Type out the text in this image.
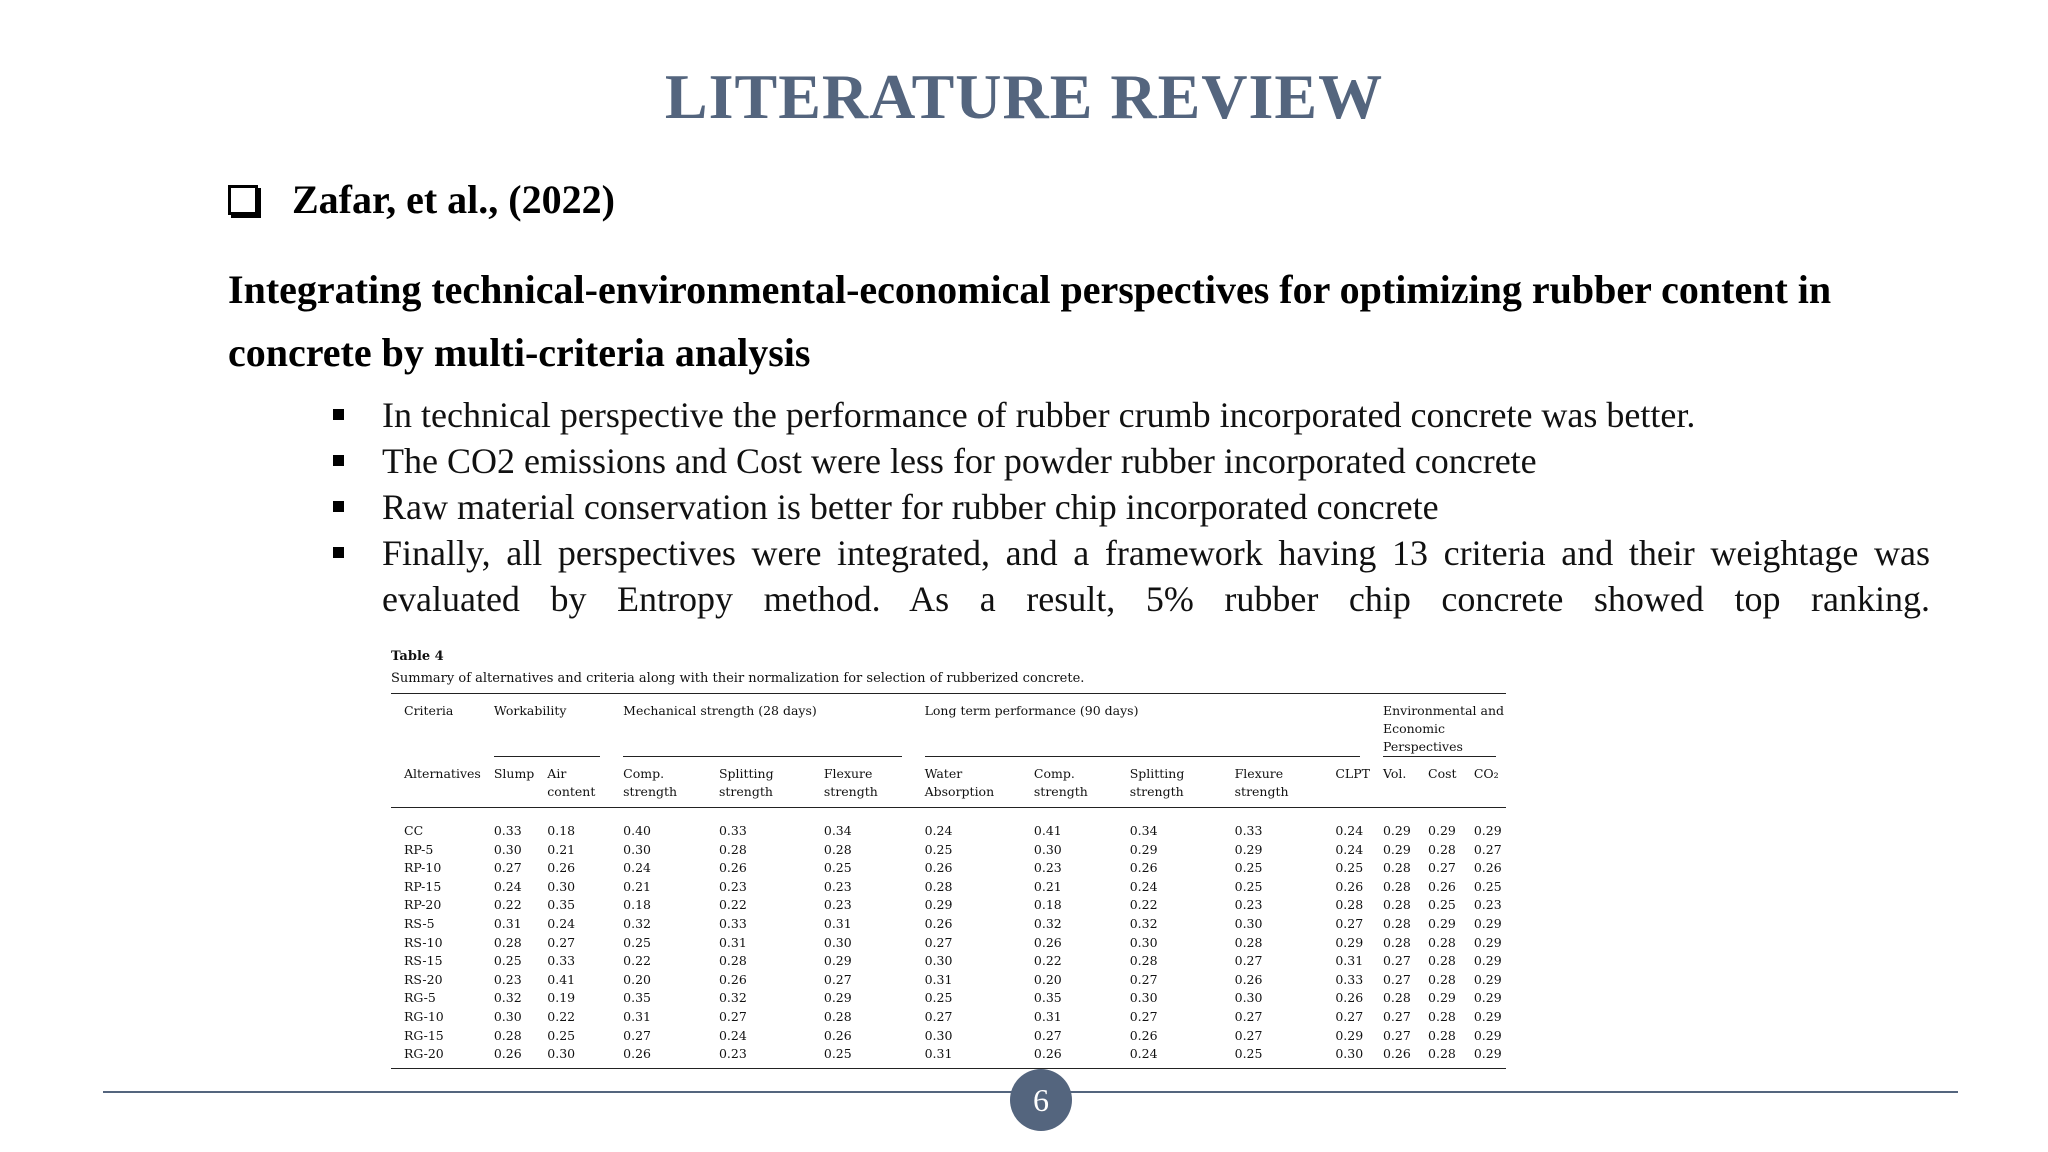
LITERATURE REVIEW
Zafar, et al., (2022)
Integrating technical-environmental-economical perspectives for optimizing rubber content in concrete by multi-criteria analysis
In technical perspective the performance of rubber crumb incorporated concrete was better.
The CO2 emissions and Cost were less for powder rubber incorporated concrete
Raw material conservation is better for rubber chip incorporated concrete
Finally, all perspectives were integrated, and a framework having 13 criteria and their weightage was evaluated by Entropy method. As a result, 5% rubber chip concrete showed top ranking.
Table 4
Summary of alternatives and criteria along with their normalization for selection of rubberized concrete.
Criteria	Workability		Mechanical strength (28 days)			Long term performance (90 days)					Environmental and Economic Perspectives		
Alternatives	Slump	Air content	Comp. strength	Splitting strength	Flexure strength	Water Absorption	Comp. strength	Splitting strength	Flexure strength	CLPT	Vol.	Cost	CO₂
CC	0.33	0.18	0.40	0.33	0.34	0.24	0.41	0.34	0.33	0.24	0.29	0.29	0.29
RP-5	0.30	0.21	0.30	0.28	0.28	0.25	0.30	0.29	0.29	0.24	0.29	0.28	0.27
RP-10	0.27	0.26	0.24	0.26	0.25	0.26	0.23	0.26	0.25	0.25	0.28	0.27	0.26
RP-15	0.24	0.30	0.21	0.23	0.23	0.28	0.21	0.24	0.25	0.26	0.28	0.26	0.25
RP-20	0.22	0.35	0.18	0.22	0.23	0.29	0.18	0.22	0.23	0.28	0.28	0.25	0.23
RS-5	0.31	0.24	0.32	0.33	0.31	0.26	0.32	0.32	0.30	0.27	0.28	0.29	0.29
RS-10	0.28	0.27	0.25	0.31	0.30	0.27	0.26	0.30	0.28	0.29	0.28	0.28	0.29
RS-15	0.25	0.33	0.22	0.28	0.29	0.30	0.22	0.28	0.27	0.31	0.27	0.28	0.29
RS-20	0.23	0.41	0.20	0.26	0.27	0.31	0.20	0.27	0.26	0.33	0.27	0.28	0.29
RG-5	0.32	0.19	0.35	0.32	0.29	0.25	0.35	0.30	0.30	0.26	0.28	0.29	0.29
RG-10	0.30	0.22	0.31	0.27	0.28	0.27	0.31	0.27	0.27	0.27	0.27	0.28	0.29
RG-15	0.28	0.25	0.27	0.24	0.26	0.30	0.27	0.26	0.27	0.29	0.27	0.28	0.29
RG-20	0.26	0.30	0.26	0.23	0.25	0.31	0.26	0.24	0.25	0.30	0.26	0.28	0.29
6
